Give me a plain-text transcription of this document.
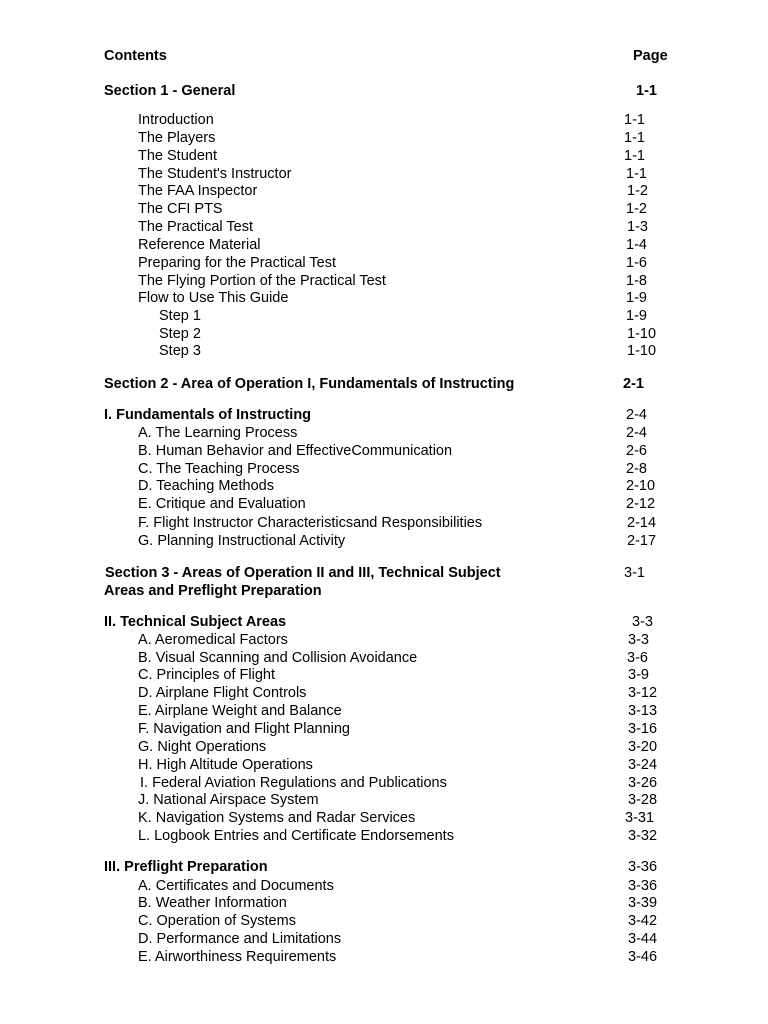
Contents	Page
Section 1 - General	1-1
Introduction	1-1
The Players	1-1
The Student	1-1
The Student's Instructor	1-1
The FAA Inspector	1-2
The CFI PTS	1-2
The Practical Test	1-3
Reference Material	1-4
Preparing for the Practical Test	1-6
The Flying Portion of the Practical Test	1-8
Flow to Use This Guide	1-9
Step 1	1-9
Step 2	1-10
Step 3	1-10
Section 2 - Area of Operation I, Fundamentals of Instructing	2-1
I. Fundamentals of Instructing	2-4
A. The Learning Process	2-4
B. Human Behavior and EffectiveCommunication	2-6
C. The Teaching Process	2-8
D. Teaching Methods	2-10
E. Critique and Evaluation	2-12
F. Flight Instructor Characteristicsand Responsibilities	2-14
G. Planning Instructional Activity	2-17
Section 3 - Areas of Operation II and III, Technical Subject	3-1
Areas and Preflight Preparation
II. Technical Subject Areas	3-3
A. Aeromedical Factors	3-3
B. Visual Scanning and Collision Avoidance	3-6
C. Principles of Flight	3-9
D. Airplane Flight Controls	3-12
E. Airplane Weight and Balance	3-13
F. Navigation and Flight Planning	3-16
G. Night Operations	3-20
H. High Altitude Operations	3-24
I. Federal Aviation Regulations and Publications	3-26
J. National Airspace System	3-28
K. Navigation Systems and Radar Services	3-31
L. Logbook Entries and Certificate Endorsements	3-32
III. Preflight Preparation	3-36
A. Certificates and Documents	3-36
B. Weather Information	3-39
C. Operation of Systems	3-42
D. Performance and Limitations	3-44
E. Airworthiness Requirements	3-46
